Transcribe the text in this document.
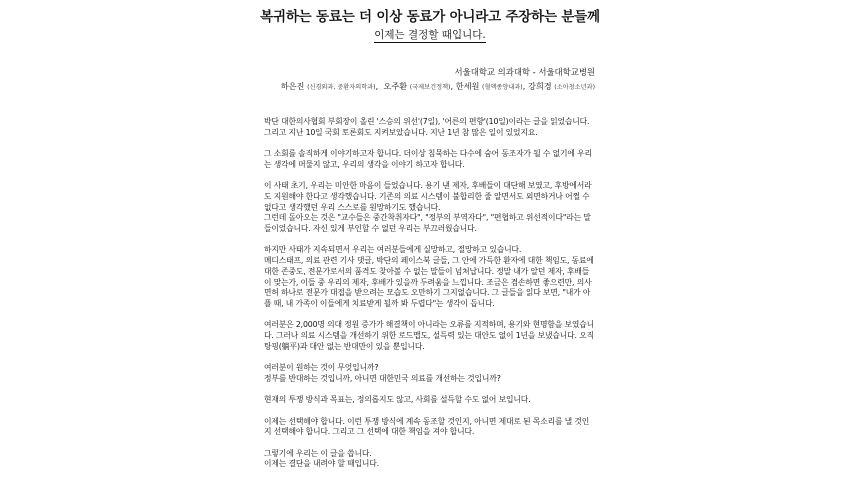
복귀하는 동료는 더 이상 동료가 아니라고 주장하는 분들께
이제는 결정할 때입니다.
서울대학교 의과대학 - 서울대학교병원
하은진 (신경외과, 중환자의학과),  오주환 (국제보건정책), 한세원 (혈액종양내과), 강희경 (소아청소년과)

박단 대한의사협회 부회장이 올린 '스승의 위선'(7일), '어른의 편향'(10일)이라는 글을 읽었습니다. 그리고 지난 10일 국회 토론회도 지켜보았습니다. 지난 1년 참 많은 일이 있었지요.

그 소회를 솔직하게 이야기하고자 합니다. 더이상 침묵하는 다수에 숨어 동조자가 될 수 없기에 우리는 생각에 머물지 않고, 우리의 생각을 이야기 하고자 합니다.

이 사태 초기, 우리는 미안한 마음이 들었습니다. 용기 낸 제자, 후배들이 대단해 보였고, 후방에서라도 지원해야 한다고 생각했습니다. 기존의 의료 시스템이 불합리한 줄 알면서도 외면하거나 어쩔 수 없다고 생각했던 우리 스스로를 원망하기도 했습니다.
그런데 돌아오는 것은 "교수들은 중간착취자다", "정부의 부역자다", "편협하고 위선적이다"라는 말들이었습니다. 자신 있게 부인할 수 없던 우리는 부끄러웠습니다.

하지만 사태가 지속되면서 우리는 여러분들에게 실망하고, 절망하고 있습니다.
메디스태프, 의료 관련 기사 댓글, 박단의 페이스북 글들, 그 안에 가득한 환자에 대한 책임도, 동료에 대한 존중도, 전문가로서의 품격도 찾아볼 수 없는 말들이 넘쳐납니다. 정말 내가 알던 제자, 후배들이 맞는가, 이들 중 우리의 제자, 후배가 있을까 두려움을 느낍니다. 조금은 겸손하면 좋으련만, 의사 면허 하나로 전문가 대접을 받으려는 모습도 오만하기 그지없습니다. 그 글들을 읽다 보면, "내가 아플 때, 내 가족이 이들에게 치료받게 될까 봐 두렵다"는 생각이 듭니다.

여러분은 2,000명 의대 정원 증가가 해결책이 아니라는 오류를 지적하며, 용기와 현명함을 보였습니다. 그러나 의료 시스템을 개선하기 위한 로드맵도, 설득력 있는 대안도 없이 1년을 보냈습니다. 오직 탕핑(躺平)과 대안 없는 반대만이 있을 뿐입니다.

여러분이 원하는 것이 무엇입니까?
정부를 반대하는 것입니까, 아니면 대한민국 의료를 개선하는 것입니까?

현재의 투쟁 방식과 목표는, 정의롭지도 않고, 사회를 설득할 수도 없어 보입니다.

이제는 선택해야 합니다. 이런 투쟁 방식에 계속 동조할 것인지, 아니면 제대로 된 목소리를 낼 것인지 선택해야 합니다. 그리고 그 선택에 대한 책임을 져야 합니다.

그렇기에 우리는 이 글을 씁니다.
이제는 결단을 내려야 할 때입니다.
